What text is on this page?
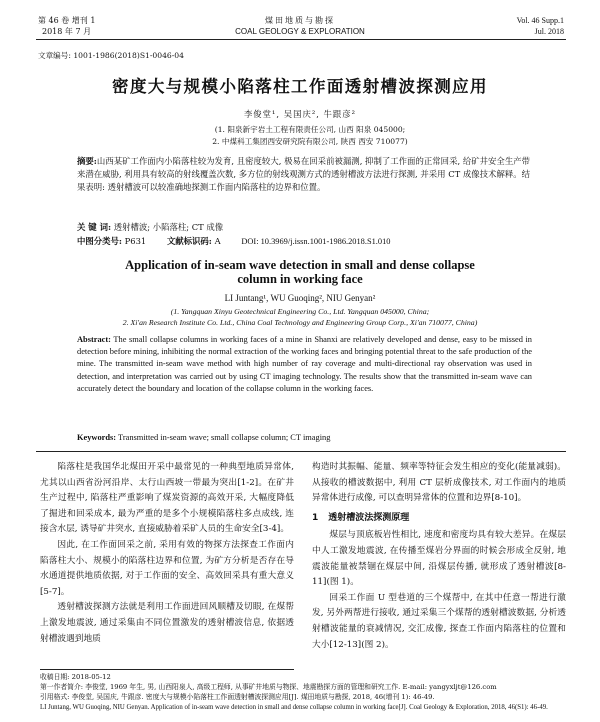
第 46 卷 增刊 1
2018 年 7 月
煤田地质与勘探
COAL GEOLOGY & EXPLORATION
Vol. 46 Supp.1
Jul. 2018
文章编号: 1001-1986(2018)S1-0046-04
密度大与规模小陷落柱工作面透射槽波探测应用
李俊堂¹, 吴国庆², 牛跟彦²
(1. 阳泉新宇岩土工程有限责任公司, 山西 阳泉 045000;
2. 中煤科工集团西安研究院有限公司, 陕西 西安 710077)
摘要:山西某矿工作面内小陷落柱较为发育, 且密度较大, 极易在回采前被漏测, 抑制了工作面的正常回采, 给矿井安全生产带来潜在威胁, 利用具有较高的射线覆盖次数, 多方位的射线观测方式的透射槽波方法进行探测, 并采用 CT 成像技术解释。结果表明: 透射槽波可以较准确地探测工作面内陷落柱的边界和位置。
关 键 词: 透射槽波; 小陷落柱; CT 成像
中图分类号: P631 文献标识码: A DOI: 10.3969/j.issn.1001-1986.2018.S1.010
Application of in-seam wave detection in small and dense collapse column in working face
LI Juntang¹, WU Guoqing², NIU Genyan²
(1. Yangquan Xinyu Geotechnical Engineering Co., Ltd. Yangquan 045000, China;
2. Xi'an Research Institute Co. Ltd., China Coal Technology and Engineering Group Corp., Xi'an 710077, China)
Abstract: The small collapse columns in working faces of a mine in Shanxi are relatively developed and dense, easy to be missed in detection before mining, inhibiting the normal extraction of the working faces and bringing potential threat to the safe production of the mine. The transmitted in-seam wave method with high number of ray coverage and multi-directional ray observation was used in detection, and interpretation was carried out by using CT imaging technology. The results show that the transmitted in-seam wave can accurately detect the boundary and location of the collapse column in the working faces.
Keywords: Transmitted in-seam wave; small collapse column; CT imaging

陷落柱是我国华北煤田开采中最常见的一种典型地质异常体, 尤其以山西省汾河沿岸、太行山西坡一带最为突出[1-2]。在矿井生产过程中, 陷落柱严重影响了煤炭资源的高效开采, 大幅度降低了掘进和回采成本, 最为严重的是多个小规模陷落柱多点成线, 连接含水层, 诱导矿井突水, 直接威胁着采矿人员的生命安全[3-4]。

因此, 在工作面回采之前, 采用有效的物探方法探查工作面内陷落柱大小、规模小的陷落柱边界和位置, 为矿方分析是否存在导水通道提供地质依据, 对于工作面的安全、高效回采具有重大意义[5-7]。

透射槽波探测方法就是利用工作面进回风顺槽及切眼, 在煤帮上激发地震波, 通过采集由不同位置激发的透射槽波信息, 依据透射槽波遇到地质

构造时其振幅、能量、频率等特征会发生相应的变化(能量减弱)。从接收的槽波数据中, 利用 CT 层析成像技术, 对工作面内的地质异常体进行成像, 可以查明异常体的位置和边界[8-10]。

1 透射槽波法探测原理

煤层与顶底板岩性相比, 速度和密度均具有较大差异。在煤层中人工激发地震波, 在传播至煤岩分界面的时候会形成全反射, 地震波能量被禁锢在煤层中间, 沿煤层传播, 就形成了透射槽波[8-11](图 1)。

回采工作面 U 型巷道的三个煤帮中, 在其中任意一帮进行激发, 另外两帮进行接收, 通过采集三个煤帮的透射槽波数据, 分析透射槽波能量的衰减情况, 交汇成像, 探查工作面内陷落柱的位置和大小[12-13](图 2)。

收稿日期: 2018-05-12
第一作者简介: 李俊堂, 1969 年生, 男, 山西阳泉人, 高级工程师, 从事矿井地质与物探、地震勘探方面的管理和研究工作. E-mail: yangyxljt@126.com
引用格式: 李俊堂, 吴国庆, 牛跟彦. 密度大与规模小陷落柱工作面透射槽波探测应用[J]. 煤田地质与勘探, 2018, 46(增刊 1): 46-49.
LI Juntang, WU Guoqing, NIU Genyan. Application of in-seam wave detection in small and dense collapse column in working face[J]. Coal Geology & Exploration, 2018, 46(S1): 46-49.
